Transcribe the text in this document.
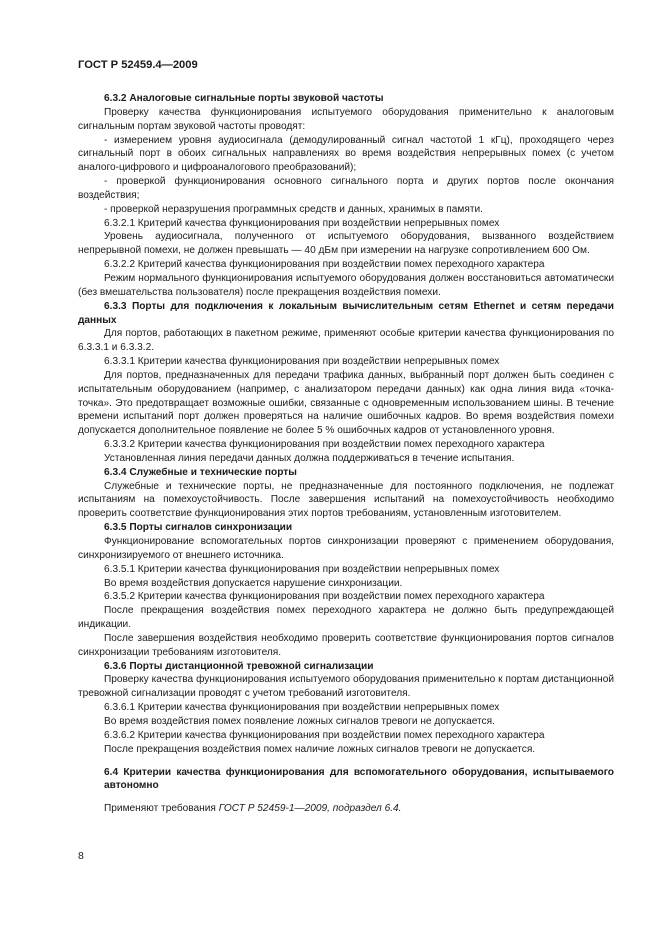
ГОСТ Р 52459.4—2009

6.3.2 Аналоговые сигнальные порты звуковой частоты

Проверку качества функционирования испытуемого оборудования применительно к аналоговым сигнальным портам звуковой частоты проводят:

- измерением уровня аудиосигнала (демодулированный сигнал частотой 1 кГц), проходящего через сигнальный порт в обоих сигнальных направлениях во время воздействия непрерывных помех (с учетом аналого-цифрового и цифроаналогового преобразований);

- проверкой функционирования основного сигнального порта и других портов после окончания воздействия;

- проверкой неразрушения программных средств и данных, хранимых в памяти.

6.3.2.1 Критерий качества функционирования при воздействии непрерывных помех

Уровень аудиосигнала, полученного от испытуемого оборудования, вызванного воздействием непрерывной помехи, не должен превышать — 40 дБм при измерении на нагрузке сопротивлением 600 Ом.

6.3.2.2 Критерий качества функционирования при воздействии помех переходного характера

Режим нормального функционирования испытуемого оборудования должен восстановиться автоматически (без вмешательства пользователя) после прекращения воздействия помехи.

6.3.3 Порты для подключения к локальным вычислительным сетям Ethernet и сетям передачи данных

Для портов, работающих в пакетном режиме, применяют особые критерии качества функционирования по 6.3.3.1 и 6.3.3.2.

6.3.3.1 Критерии качества функционирования при воздействии непрерывных помех

Для портов, предназначенных для передачи трафика данных, выбранный порт должен быть соединен с испытательным оборудованием (например, с анализатором передачи данных) как одна линия вида «точка-точка». Это предотвращает возможные ошибки, связанные с одновременным использованием шины. В течение времени испытаний порт должен проверяться на наличие ошибочных кадров. Во время воздействия помехи допускается дополнительное появление не более 5 % ошибочных кадров от установленного уровня.

6.3.3.2 Критерии качества функционирования при воздействии помех переходного характера

Установленная линия передачи данных должна поддерживаться в течение испытания.

6.3.4 Служебные и технические порты

Служебные и технические порты, не предназначенные для постоянного подключения, не подлежат испытаниям на помехоустойчивость. После завершения испытаний на помехоустойчивость необходимо проверить соответствие функционирования этих портов требованиям, установленным изготовителем.

6.3.5 Порты сигналов синхронизации

Функционирование вспомогательных портов синхронизации проверяют с применением оборудования, синхронизируемого от внешнего источника.

6.3.5.1 Критерии качества функционирования при воздействии непрерывных помех

Во время воздействия допускается нарушение синхронизации.

6.3.5.2 Критерии качества функционирования при воздействии помех переходного характера

После прекращения воздействия помех переходного характера не должно быть предупреждающей индикации.

После завершения воздействия необходимо проверить соответствие функционирования портов сигналов синхронизации требованиям изготовителя.

6.3.6 Порты дистанционной тревожной сигнализации

Проверку качества функционирования испытуемого оборудования применительно к портам дистанционной тревожной сигнализации проводят с учетом требований изготовителя.

6.3.6.1 Критерии качества функционирования при воздействии непрерывных помех

Во время воздействия помех появление ложных сигналов тревоги не допускается.

6.3.6.2 Критерии качества функционирования при воздействии помех переходного характера

После прекращения воздействия помех наличие ложных сигналов тревоги не допускается.

6.4 Критерии качества функционирования для вспомогательного оборудования, испытываемого автономно

Применяют требования ГОСТ Р 52459-1—2009, подраздел 6.4.

8
